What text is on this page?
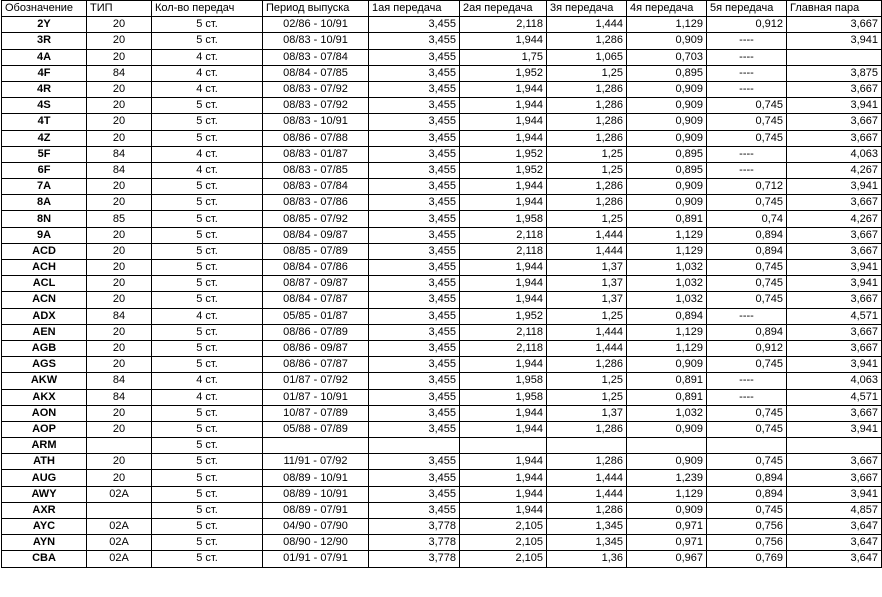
Обозначение	ТИП	Кол-во передач	Период выпуска	1ая передача	2ая передача	3я передача	4я передача	5я передача	Главная пара
2Y	20	5 ст.	02/86 - 10/91	3,455	2,118	1,444	1,129	0,912	3,667
3R	20	5 ст.	08/83 - 10/91	3,455	1,944	1,286	0,909	----	3,941
4A	20	4 ст.	08/83 - 07/84	3,455	1,75	1,065	0,703	----	
4F	84	4 ст.	08/84 - 07/85	3,455	1,952	1,25	0,895	----	3,875
4R	20	4 ст.	08/83 - 07/92	3,455	1,944	1,286	0,909	----	3,667
4S	20	5 ст.	08/83 - 07/92	3,455	1,944	1,286	0,909	0,745	3,941
4T	20	5 ст.	08/83 - 10/91	3,455	1,944	1,286	0,909	0,745	3,667
4Z	20	5 ст.	08/86 - 07/88	3,455	1,944	1,286	0,909	0,745	3,667
5F	84	4 ст.	08/83 - 01/87	3,455	1,952	1,25	0,895	----	4,063
6F	84	4 ст.	08/83 - 07/85	3,455	1,952	1,25	0,895	----	4,267
7A	20	5 ст.	08/83 - 07/84	3,455	1,944	1,286	0,909	0,712	3,941
8A	20	5 ст.	08/83 - 07/86	3,455	1,944	1,286	0,909	0,745	3,667
8N	85	5 ст.	08/85 - 07/92	3,455	1,958	1,25	0,891	0,74	4,267
9A	20	5 ст.	08/84 - 09/87	3,455	2,118	1,444	1,129	0,894	3,667
ACD	20	5 ст.	08/85 - 07/89	3,455	2,118	1,444	1,129	0,894	3,667
ACH	20	5 ст.	08/84 - 07/86	3,455	1,944	1,37	1,032	0,745	3,941
ACL	20	5 ст.	08/87 - 09/87	3,455	1,944	1,37	1,032	0,745	3,941
ACN	20	5 ст.	08/84 - 07/87	3,455	1,944	1,37	1,032	0,745	3,667
ADX	84	4 ст.	05/85 - 01/87	3,455	1,952	1,25	0,894	----	4,571
AEN	20	5 ст.	08/86 - 07/89	3,455	2,118	1,444	1,129	0,894	3,667
AGB	20	5 ст.	08/86 - 09/87	3,455	2,118	1,444	1,129	0,912	3,667
AGS	20	5 ст.	08/86 - 07/87	3,455	1,944	1,286	0,909	0,745	3,941
AKW	84	4 ст.	01/87 - 07/92	3,455	1,958	1,25	0,891	----	4,063
AKX	84	4 ст.	01/87 - 10/91	3,455	1,958	1,25	0,891	----	4,571
AON	20	5 ст.	10/87 - 07/89	3,455	1,944	1,37	1,032	0,745	3,667
AOP	20	5 ст.	05/88 - 07/89	3,455	1,944	1,286	0,909	0,745	3,941
ARM		5 ст.							
ATH	20	5 ст.	11/91 - 07/92	3,455	1,944	1,286	0,909	0,745	3,667
AUG	20	5 ст.	08/89 - 10/91	3,455	1,944	1,444	1,239	0,894	3,667
AWY	02A	5 ст.	08/89 - 10/91	3,455	1,944	1,444	1,129	0,894	3,941
AXR		5 ст.	08/89 - 07/91	3,455	1,944	1,286	0,909	0,745	4,857
AYC	02A	5 ст.	04/90 - 07/90	3,778	2,105	1,345	0,971	0,756	3,647
AYN	02A	5 ст.	08/90 - 12/90	3,778	2,105	1,345	0,971	0,756	3,647
CBA	02A	5 ст.	01/91 - 07/91	3,778	2,105	1,36	0,967	0,769	3,647
